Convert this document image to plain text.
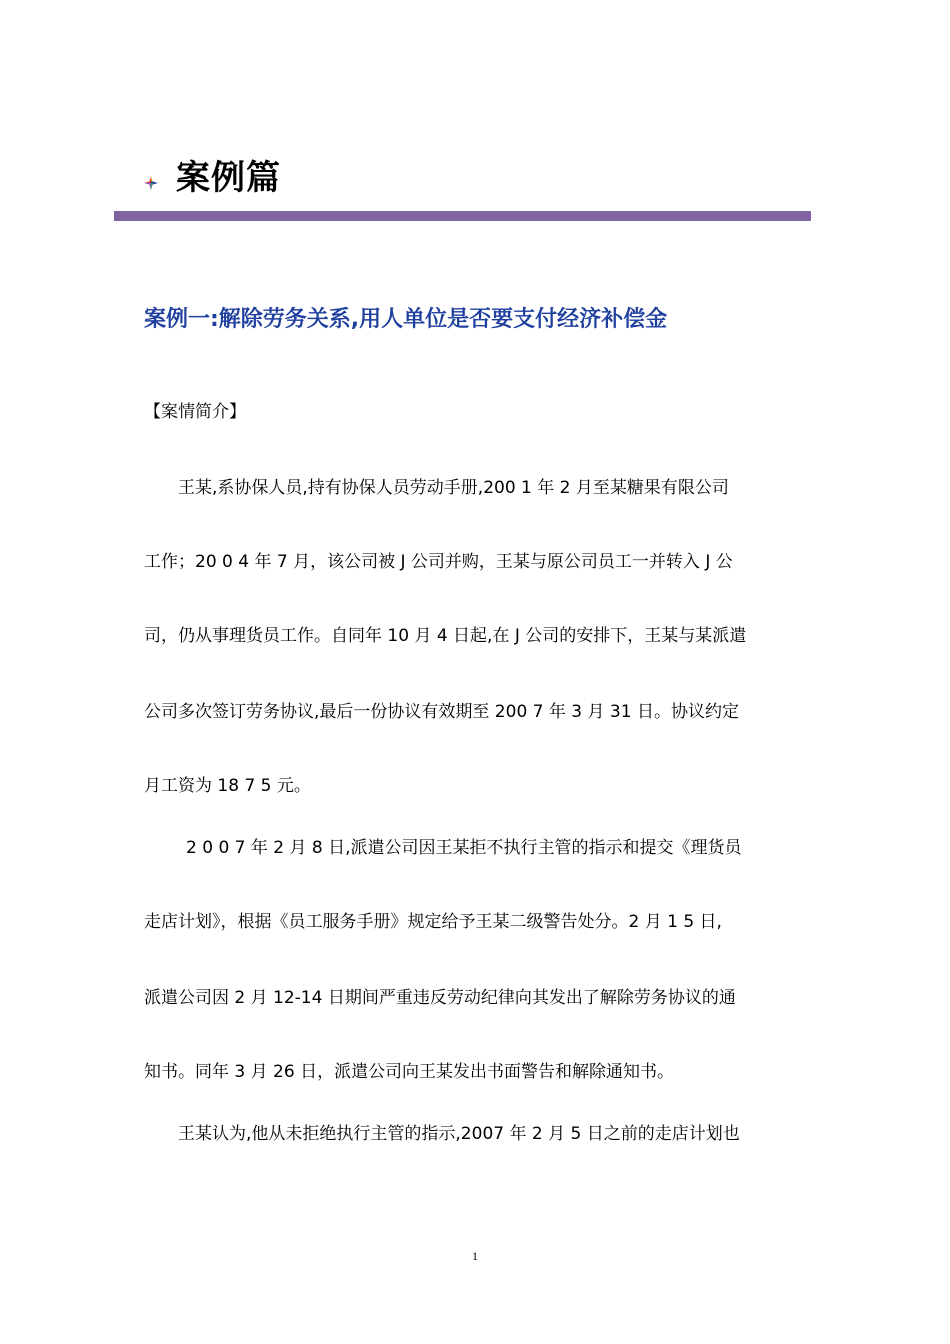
案例篇
案例一:解除劳务关系,用人单位是否要支付经济补偿金
【案情简介】
王某,系协保人员,持有协保人员劳动手册,200 1 年 2 月至某糖果有限公司
工作；20 0 4 年 7 月，该公司被 J 公司并购，王某与原公司员工一并转入 J 公
司，仍从事理货员工作。自同年 10 月 4 日起,在 J 公司的安排下，王某与某派遣
公司多次签订劳务协议,最后一份协议有效期至 200 7 年 3 月 31 日。协议约定
月工资为 18 7 5 元。
2 0 0 7 年 2 月 8 日,派遣公司因王某拒不执行主管的指示和提交《理货员
走店计划》，根据《员工服务手册》规定给予王某二级警告处分。2 月 1 5 日,
派遣公司因 2 月 12-14 日期间严重违反劳动纪律向其发出了解除劳务协议的通
知书。同年 3 月 26 日，派遣公司向王某发出书面警告和解除通知书。
王某认为,他从未拒绝执行主管的指示,2007 年 2 月 5 日之前的走店计划也
1
